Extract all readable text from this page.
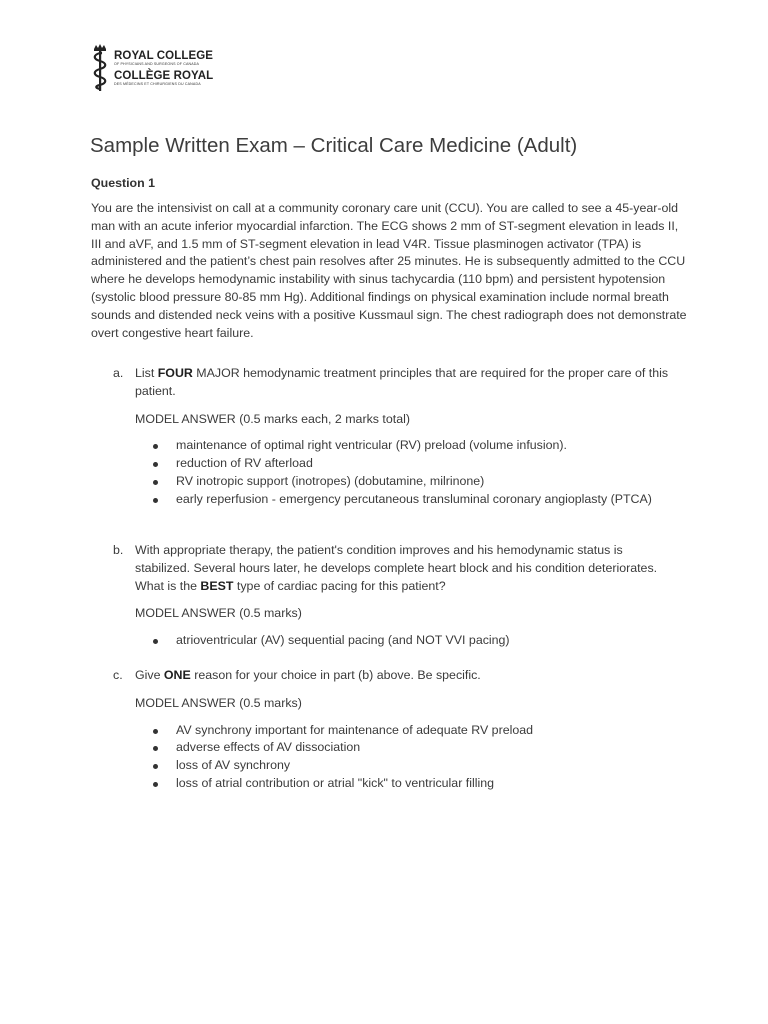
ROYAL COLLEGE
OF PHYSICIANS AND SURGEONS OF CANADA
COLLÈGE ROYAL
DES MÉDECINS ET CHIRURGIENS DU CANADA
Sample Written Exam – Critical Care Medicine (Adult)
Question 1
You are the intensivist on call at a community coronary care unit (CCU). You are called to see a 45-year-old man with an acute inferior myocardial infarction. The ECG shows 2 mm of ST-segment elevation in leads II, III and aVF, and 1.5 mm of ST-segment elevation in lead V4R. Tissue plasminogen activator (TPA) is administered and the patient’s chest pain resolves after 25 minutes. He is subsequently admitted to the CCU where he develops hemodynamic instability with sinus tachycardia (110 bpm) and persistent hypotension (systolic blood pressure 80-85 mm Hg). Additional findings on physical examination include normal breath sounds and distended neck veins with a positive Kussmaul sign. The chest radiograph does not demonstrate overt congestive heart failure.
a. List FOUR MAJOR hemodynamic treatment principles that are required for the proper care of this patient.

MODEL ANSWER (0.5 marks each, 2 marks total)

maintenance of optimal right ventricular (RV) preload (volume infusion).
reduction of RV afterload
RV inotropic support (inotropes) (dobutamine, milrinone)
early reperfusion - emergency percutaneous transluminal coronary angioplasty (PTCA)
b. With appropriate therapy, the patient's condition improves and his hemodynamic status is stabilized. Several hours later, he develops complete heart block and his condition deteriorates. What is the BEST type of cardiac pacing for this patient?

MODEL ANSWER (0.5 marks)

atrioventricular (AV) sequential pacing (and NOT VVI pacing)
c. Give ONE reason for your choice in part (b) above. Be specific.

MODEL ANSWER (0.5 marks)

AV synchrony important for maintenance of adequate RV preload
adverse effects of AV dissociation
loss of AV synchrony
loss of atrial contribution or atrial "kick" to ventricular filling
